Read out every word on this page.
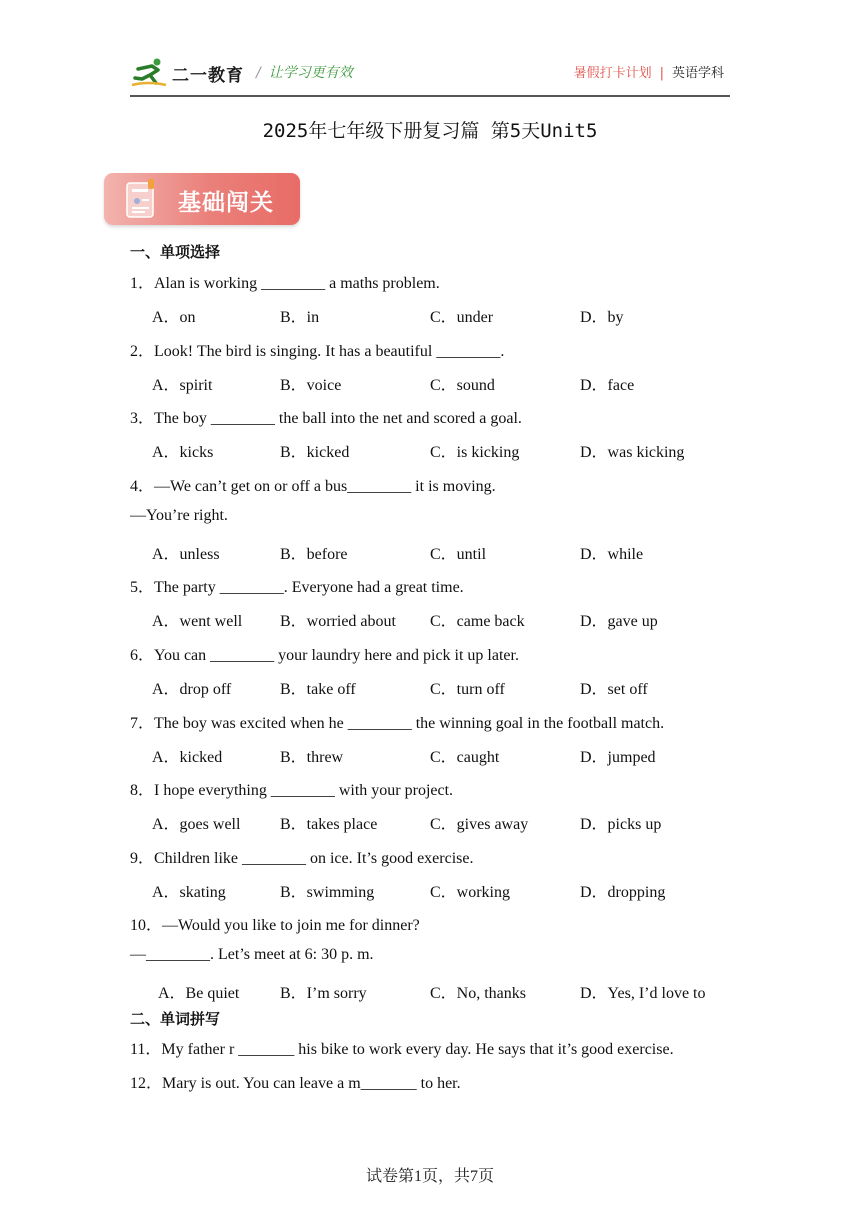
二一教育 / 让学习更有效	暑假打卡计划 | 英语学科
2025年七年级下册复习篇 第5天Unit5
基础闯关
一、单项选择
1．Alan is working ________ a maths problem.
A．on	B．in	C．under	D．by
2．Look! The bird is singing. It has a beautiful ________.
A．spirit	B．voice	C．sound	D．face
3．The boy ________ the ball into the net and scored a goal.
A．kicks	B．kicked	C．is kicking	D．was kicking
4．—We can’t get on or off a bus________ it is moving.
—You’re right.
A．unless	B．before	C．until	D．while
5．The party ________. Everyone had a great time.
A．went well B．worried about C．came back	D．gave up
6．You can ________ your laundry here and pick it up later.
A．drop off	B．take off	C．turn off	D．set off
7．The boy was excited when he ________ the winning goal in the football match.
A．kicked	B．threw	C．caught	D．jumped
8．I hope everything ________ with your project.
A．goes well B．takes place	C．gives away	D．picks up
9．Children like ________ on ice. It’s good exercise.
A．skating	B．swimming	C．working	D．dropping
10．—Would you like to join me for dinner?
—________. Let’s meet at 6: 30 p. m.
A．Be quiet	B．I’m sorry	C．No, thanks	D．Yes, I’d love to
二、单词拼写
11．My father r _______ his bike to work every day. He says that it’s good exercise.
12．Mary is out. You can leave a m_______ to her.
试卷第1页，共7页
